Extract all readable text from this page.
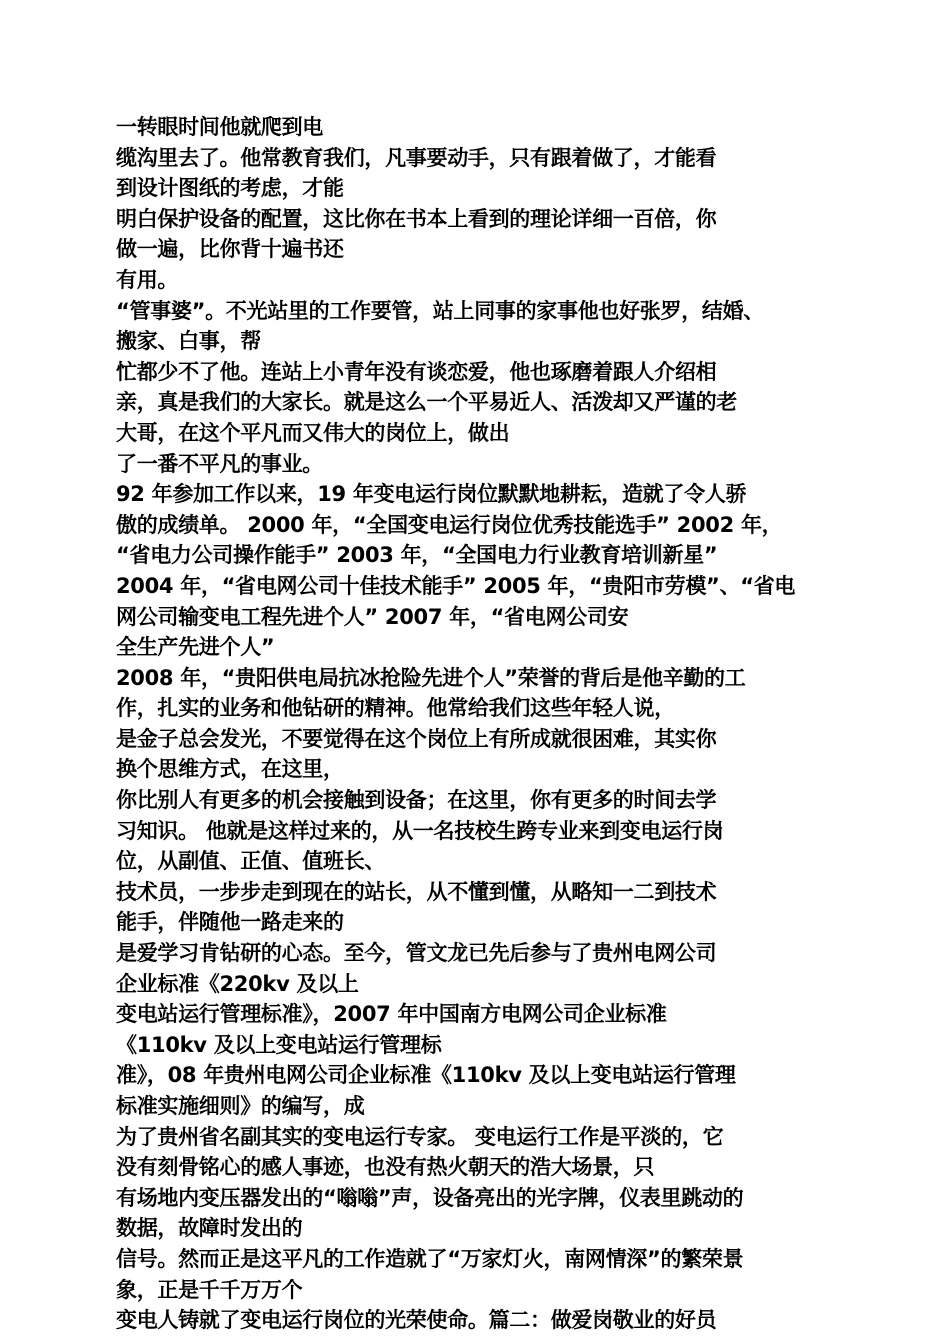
一转眼时间他就爬到电
缆沟里去了。他常教育我们，凡事要动手，只有跟着做了，才能看
到设计图纸的考虑，才能
明白保护设备的配置，这比你在书本上看到的理论详细一百倍，你
做一遍，比你背十遍书还
有用。
“管事婆”。不光站里的工作要管，站上同事的家事他也好张罗，结婚、
搬家、白事，帮
忙都少不了他。连站上小青年没有谈恋爱，他也琢磨着跟人介绍相
亲，真是我们的大家长。就是这么一个平易近人、活泼却又严谨的老
大哥，在这个平凡而又伟大的岗位上，做出
了一番不平凡的事业。
92 年参加工作以来，19 年变电运行岗位默默地耕耘，造就了令人骄
傲的成绩单。 2000 年，“全国变电运行岗位优秀技能选手” 2002 年，
“省电力公司操作能手” 2003 年，“全国电力行业教育培训新星”
2004 年，“省电网公司十佳技术能手” 2005 年，“贵阳市劳模”、“省电
网公司输变电工程先进个人” 2007 年，“省电网公司安
全生产先进个人”
2008 年，“贵阳供电局抗冰抢险先进个人”荣誉的背后是他辛勤的工
作，扎实的业务和他钻研的精神。他常给我们这些年轻人说，
是金子总会发光，不要觉得在这个岗位上有所成就很困难，其实你
换个思维方式，在这里，
你比别人有更多的机会接触到设备；在这里，你有更多的时间去学
习知识。 他就是这样过来的，从一名技校生跨专业来到变电运行岗
位，从副值、正值、值班长、
技术员，一步步走到现在的站长，从不懂到懂，从略知一二到技术
能手，伴随他一路走来的
是爱学习肯钻研的心态。至今，管文龙已先后参与了贵州电网公司
企业标准《220kv 及以上
变电站运行管理标准》，2007 年中国南方电网公司企业标准
《110kv 及以上变电站运行管理标
准》，08 年贵州电网公司企业标准《110kv 及以上变电站运行管理
标准实施细则》的编写，成
为了贵州省名副其实的变电运行专家。 变电运行工作是平淡的，它
没有刻骨铭心的感人事迹，也没有热火朝天的浩大场景，只
有场地内变压器发出的“嗡嗡”声，设备亮出的光字牌，仪表里跳动的
数据，故障时发出的
信号。然而正是这平凡的工作造就了“万家灯火，南网情深”的繁荣景
象，正是千千万万个
变电人铸就了变电运行岗位的光荣使命。篇二：做爱岗敬业的好员
